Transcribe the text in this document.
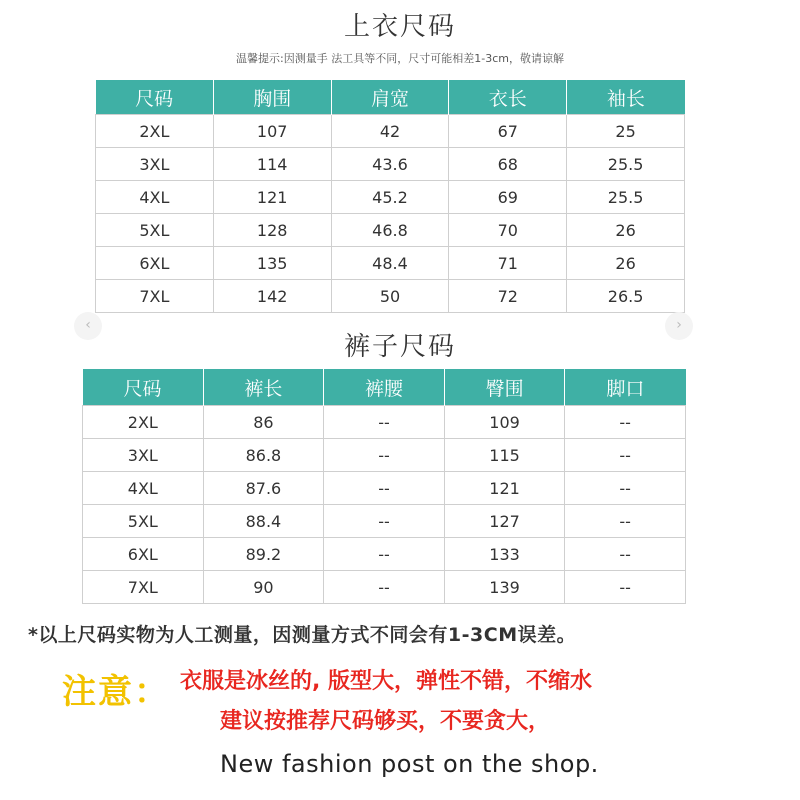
上衣尺码
温馨提示:因测量手 法工具等不同，尺寸可能相差1-3cm，敬请谅解
尺码	胸围	肩宽	衣长	袖长
2XL	107	42	67	25
3XL	114	43.6	68	25.5
4XL	121	45.2	69	25.5
5XL	128	46.8	70	26
6XL	135	48.4	71	26
7XL	142	50	72	26.5
‹	›
裤子尺码
尺码	裤长	裤腰	臀围	脚口
2XL	86	--	109	--
3XL	86.8	--	115	--
4XL	87.6	--	121	--
5XL	88.4	--	127	--
6XL	89.2	--	133	--
7XL	90	--	139	--
*以上尺码实物为人工测量，因测量方式不同会有1-3CM误差。
注意： 衣服是冰丝的, 版型大，弹性不错，不缩水
建议按推荐尺码够买，不要贪大，
New fashion post on the shop.
